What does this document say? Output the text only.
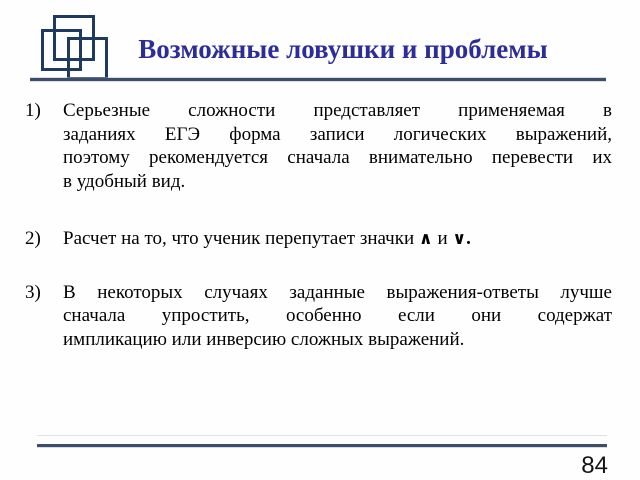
Возможные ловушки и проблемы
1) Серьезные сложности представляет применяемая в
заданиях ЕГЭ форма записи логических выражений,
поэтому рекомендуется сначала внимательно перевести их
в удобный вид.
2) Расчет на то, что ученик перепутает значки ∧ и ∨.
3) В некоторых случаях заданные выражения-ответы лучше
сначала упростить, особенно если они содержат
импликацию или инверсию сложных выражений.
84
